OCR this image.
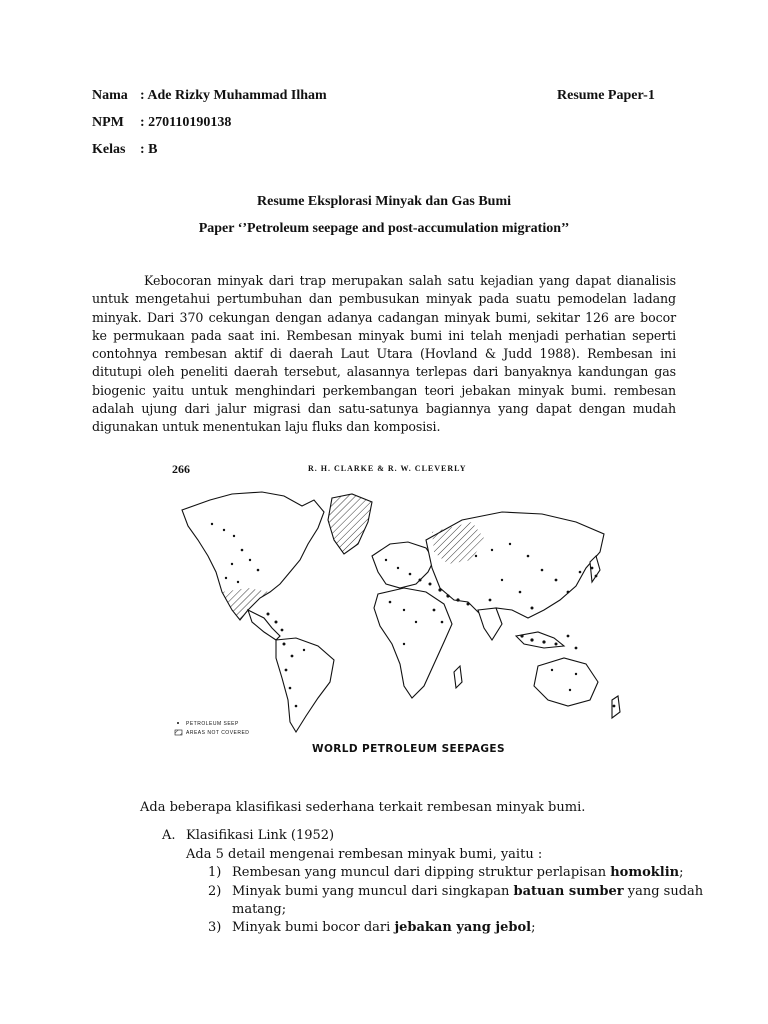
Nama : Ade Rizky Muhammad Ilham	Resume Paper-1
NPM : 270110190138
Kelas : B
Resume Eksplorasi Minyak dan Gas Bumi
Paper ‘’Petroleum seepage and post-accumulation migration’’

Kebocoran minyak dari trap merupakan salah satu kejadian yang dapat dianalisis untuk mengetahui pertumbuhan dan pembusukan minyak pada suatu pemodelan ladang minyak. Dari 370 cekungan dengan adanya cadangan minyak bumi, sekitar 126 are bocor ke permukaan pada saat ini. Rembesan minyak bumi ini telah menjadi perhatian seperti contohnya rembesan aktif di daerah Laut Utara (Hovland & Judd 1988). Rembesan ini ditutupi oleh peneliti daerah tersebut, alasannya terlepas dari banyaknya kandungan gas biogenic yaitu untuk menghindari perkembangan teori jebakan minyak bumi. rembesan adalah ujung dari jalur migrasi dan satu-satunya bagiannya yang dapat dengan mudah digunakan untuk menentukan laju fluks dan komposisi.

266	R. H. CLARKE & R. W. CLEVERLY
PETROLEUM SEEP
AREAS NOT COVERED
WORLD PETROLEUM SEEPAGES
Ada beberapa klasifikasi sederhana terkait rembesan minyak bumi.
A. Klasifikasi Link (1952)
Ada 5 detail mengenai rembesan minyak bumi, yaitu :
1) Rembesan yang muncul dari dipping struktur perlapisan homoklin;
2) Minyak bumi yang muncul dari singkapan batuan sumber yang sudah
matang;
3) Minyak bumi bocor dari jebakan yang jebol;
